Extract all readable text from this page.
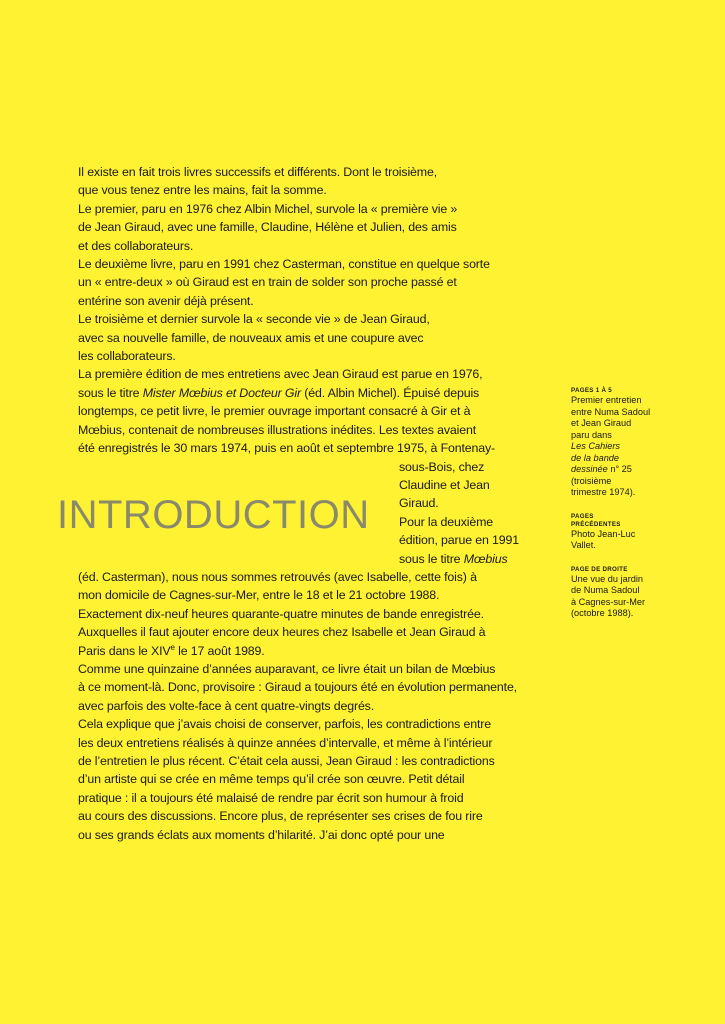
Il existe en fait trois livres successifs et différents. Dont le troisième,
que vous tenez entre les mains, fait la somme.
Le premier, paru en 1976 chez Albin Michel, survole la « première vie »
de Jean Giraud, avec une famille, Claudine, Hélène et Julien, des amis
et des collaborateurs.
Le deuxième livre, paru en 1991 chez Casterman, constitue en quelque sorte
un « entre-deux » où Giraud est en train de solder son proche passé et
entérine son avenir déjà présent.
Le troisième et dernier survole la « seconde vie » de Jean Giraud,
avec sa nouvelle famille, de nouveaux amis et une coupure avec
les collaborateurs.
La première édition de mes entretiens avec Jean Giraud est parue en 1976,
sous le titre Mister Mœbius et Docteur Gir (éd. Albin Michel). Épuisé depuis
longtemps, ce petit livre, le premier ouvrage important consacré à Gir et à
Mœbius, contenait de nombreuses illustrations inédites. Les textes avaient
été enregistrés le 30 mars 1974, puis en août et septembre 1975, à Fontenay-
sous-Bois, chez
Claudine et Jean
Giraud.
Pour la deuxième
édition, parue en 1991
sous le titre Mœbius
(éd. Casterman), nous nous sommes retrouvés (avec Isabelle, cette fois) à
mon domicile de Cagnes-sur-Mer, entre le 18 et le 21 octobre 1988.
Exactement dix-neuf heures quarante-quatre minutes de bande enregistrée.
Auxquelles il faut ajouter encore deux heures chez Isabelle et Jean Giraud à
Paris dans le XIVe le 17 août 1989.
Comme une quinzaine d’années auparavant, ce livre était un bilan de Mœbius
à ce moment-là. Donc, provisoire : Giraud a toujours été en évolution permanente,
avec parfois des volte-face à cent quatre-vingts degrés.
Cela explique que j’avais choisi de conserver, parfois, les contradictions entre
les deux entretiens réalisés à quinze années d’intervalle, et même à l’intérieur
de l’entretien le plus récent. C’était cela aussi, Jean Giraud : les contradictions
d’un artiste qui se crée en même temps qu’il crée son œuvre. Petit détail
pratique : il a toujours été malaisé de rendre par écrit son humour à froid
au cours des discussions. Encore plus, de représenter ses crises de fou rire
ou ses grands éclats aux moments d’hilarité. J’ai donc opté pour une

INTRODUCTION
PAGES 1 À 5
Premier entretien
entre Numa Sadoul
et Jean Giraud
paru dans
Les Cahiers
de la bande
dessinée n° 25
(troisième
trimestre 1974).
PAGES
PRÉCÉDENTES
Photo Jean-Luc
Vallet.
PAGE DE DROITE
Une vue du jardin
de Numa Sadoul
à Cagnes-sur-Mer
(octobre 1988).
